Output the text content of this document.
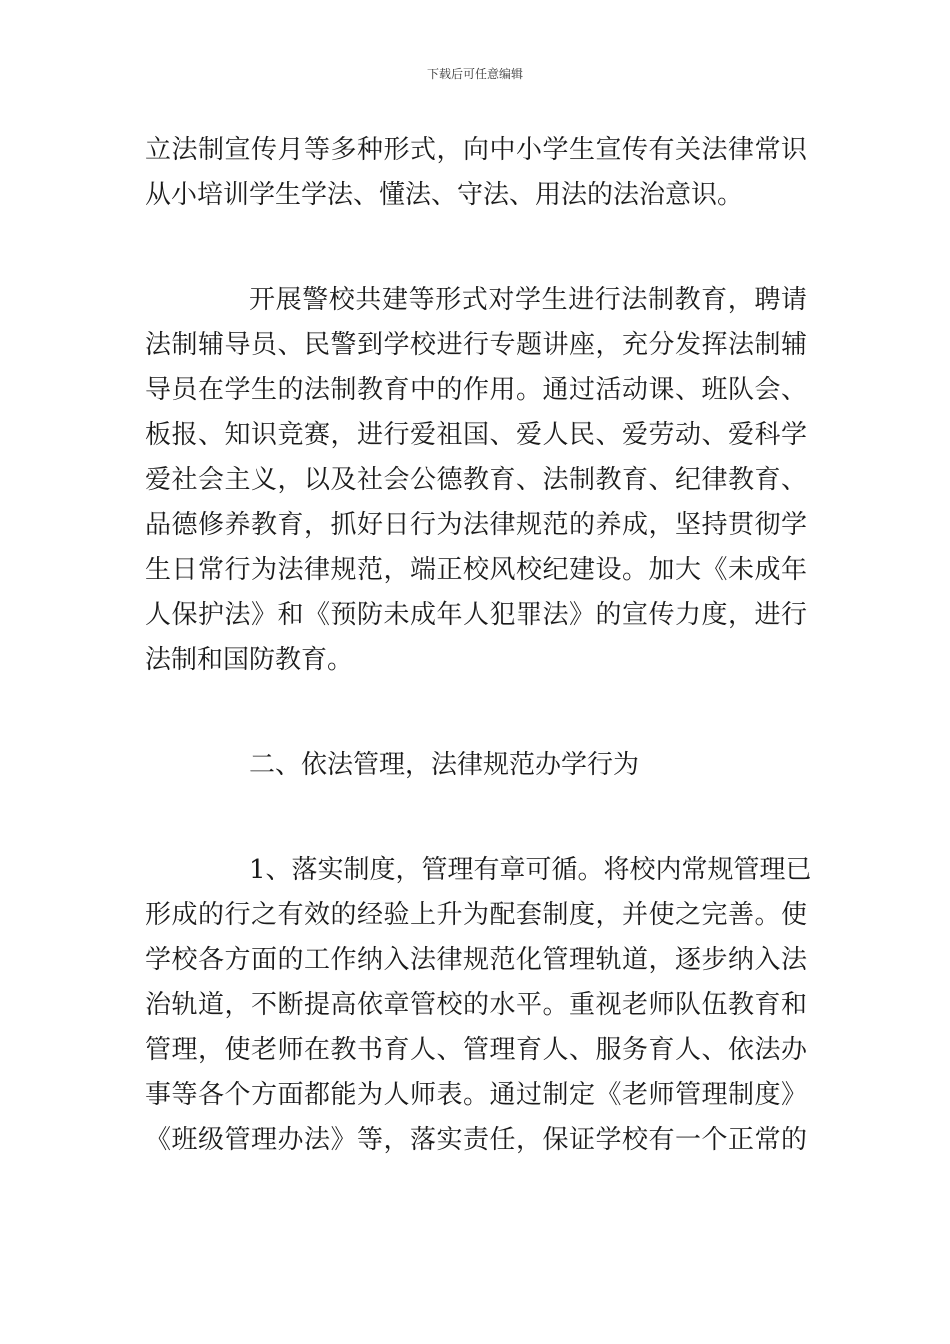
下载后可任意编辑
立法制宣传月等多种形式，向中小学生宣传有关法律常识
从小培训学生学法、懂法、守法、用法的法治意识。
开展警校共建等形式对学生进行法制教育，聘请
法制辅导员、民警到学校进行专题讲座，充分发挥法制辅
导员在学生的法制教育中的作用。通过活动课、班队会、
板报、知识竞赛，进行爱祖国、爱人民、爱劳动、爱科学
爱社会主义，以及社会公德教育、法制教育、纪律教育、
品德修养教育，抓好日行为法律规范的养成，坚持贯彻学
生日常行为法律规范，端正校风校纪建设。加大《未成年
人保护法》和《预防未成年人犯罪法》的宣传力度，进行
法制和国防教育。
二、依法管理，法律规范办学行为
1、落实制度，管理有章可循。将校内常规管理已
形成的行之有效的经验上升为配套制度，并使之完善。使
学校各方面的工作纳入法律规范化管理轨道，逐步纳入法
治轨道，不断提高依章管校的水平。重视老师队伍教育和
管理，使老师在教书育人、管理育人、服务育人、依法办
事等各个方面都能为人师表。通过制定《老师管理制度》
《班级管理办法》等，落实责任，保证学校有一个正常的
